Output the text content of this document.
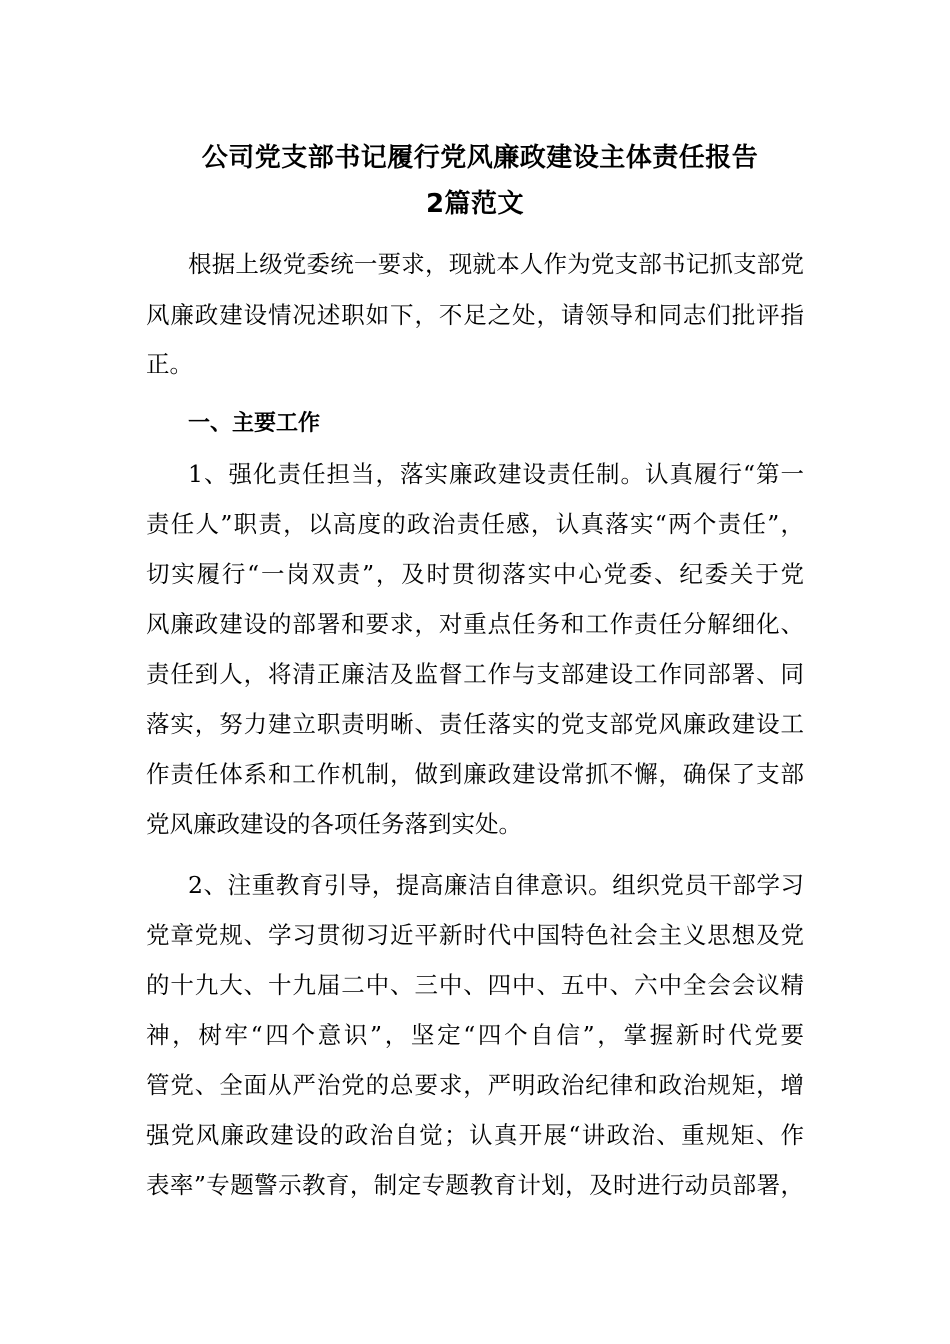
公司党支部书记履行党风廉政建设主体责任报告
2篇范文
根据上级党委统一要求，现就本人作为党支部书记抓支部党
风廉政建设情况述职如下，不足之处，请领导和同志们批评指
正。
一、主要工作
1、强化责任担当，落实廉政建设责任制。认真履行“第一
责任人”职责，以高度的政治责任感，认真落实“两个责任”，
切实履行“一岗双责”，及时贯彻落实中心党委、纪委关于党
风廉政建设的部署和要求，对重点任务和工作责任分解细化、
责任到人，将清正廉洁及监督工作与支部建设工作同部署、同
落实，努力建立职责明晰、责任落实的党支部党风廉政建设工
作责任体系和工作机制，做到廉政建设常抓不懈，确保了支部
党风廉政建设的各项任务落到实处。
2、注重教育引导，提高廉洁自律意识。组织党员干部学习
党章党规、学习贯彻习近平新时代中国特色社会主义思想及党
的十九大、十九届二中、三中、四中、五中、六中全会会议精
神，树牢“四个意识”，坚定“四个自信”，掌握新时代党要
管党、全面从严治党的总要求，严明政治纪律和政治规矩，增
强党风廉政建设的政治自觉；认真开展“讲政治、重规矩、作
表率”专题警示教育，制定专题教育计划，及时进行动员部署，
